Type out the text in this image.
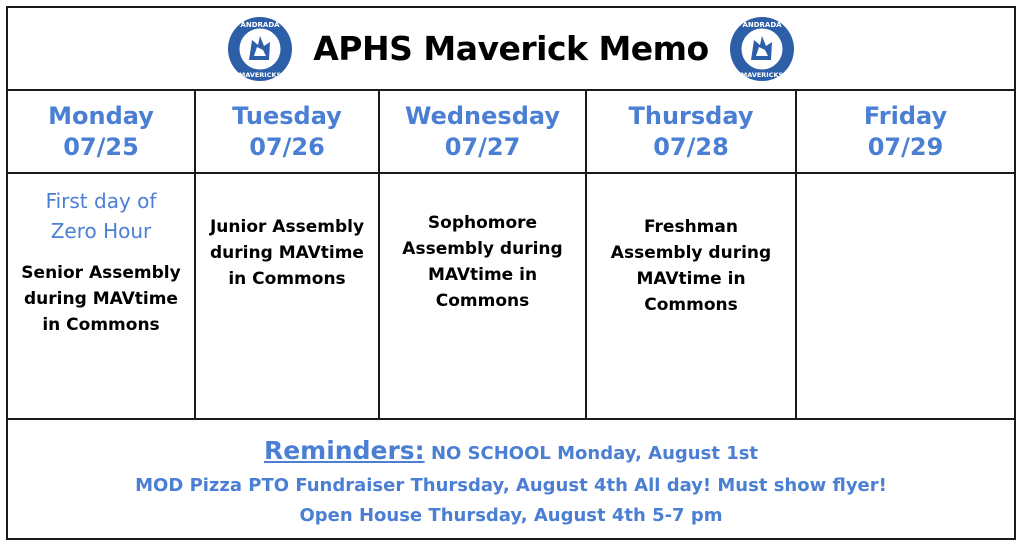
ANDRADA
MAVERICKS
APHS Maverick Memo
ANDRADA
MAVERICKS
Monday
07/25
First day of Zero Hour
Senior Assembly during MAVtime in Commons
Tuesday
07/26
Junior Assembly during MAVtime in Commons
Wednesday
07/27
Sophomore Assembly during MAVtime in Commons
Thursday
07/28
Freshman Assembly during MAVtime in Commons
Friday
07/29
Reminders: NO SCHOOL Monday, August 1st
MOD Pizza PTO Fundraiser Thursday, August 4th All day! Must show flyer!
Open House Thursday, August 4th 5-7 pm
